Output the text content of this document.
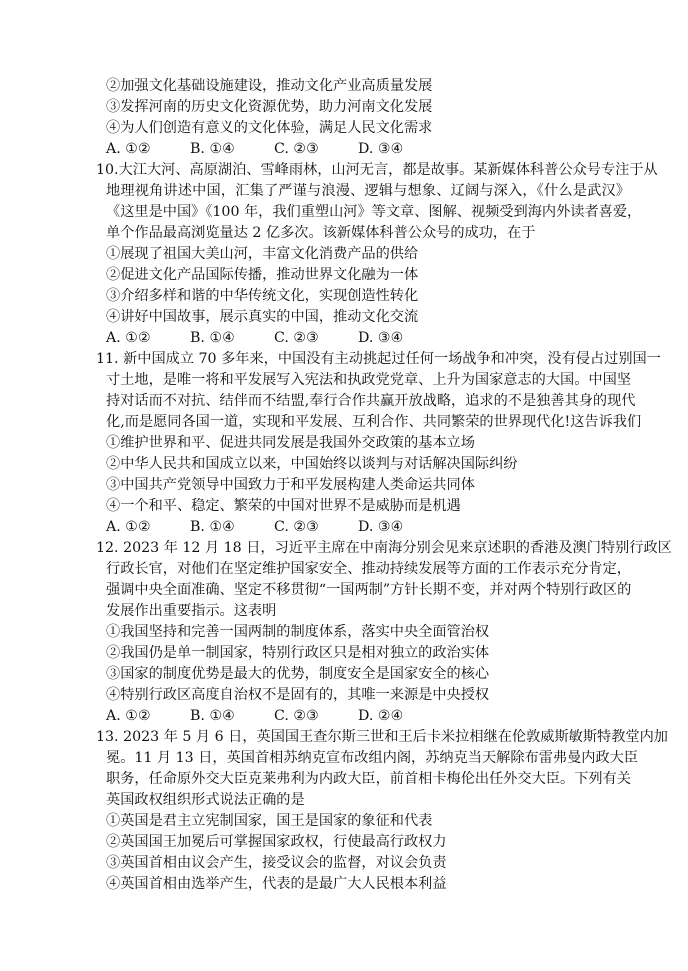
②加强文化基础设施建设，推动文化产业高质量发展
③发挥河南的历史文化资源优势，助力河南文化发展
④为人们创造有意义的文化体验，满足人民文化需求
A. ①②	B. ①④	C. ②③	D. ③④
10.大江大河、高原湖泊、雪峰雨林，山河无言，都是故事。某新媒体科普公众号专注于从
地理视角讲述中国，汇集了严谨与浪漫、逻辑与想象、辽阔与深入，《什么是武汉》
《这里是中国》《100 年，我们重塑山河》等文章、图解、视频受到海内外读者喜爱，
单个作品最高浏览量达 2 亿多次。该新媒体科普公众号的成功，在于
①展现了祖国大美山河，丰富文化消费产品的供给
②促进文化产品国际传播，推动世界文化融为一体
③介绍多样和谐的中华传统文化，实现创造性转化
④讲好中国故事，展示真实的中国，推动文化交流
A. ①②	B. ①④	C. ②③	D. ③④
11. 新中国成立 70 多年来，中国没有主动挑起过任何一场战争和冲突，没有侵占过别国一
寸土地，是唯一将和平发展写入宪法和执政党党章、上升为国家意志的大国。中国坚
持对话而不对抗、结伴而不结盟,奉行合作共赢开放战略，追求的不是独善其身的现代
化,而是愿同各国一道，实现和平发展、互利合作、共同繁荣的世界现代化!这告诉我们
①维护世界和平、促进共同发展是我国外交政策的基本立场
②中华人民共和国成立以来，中国始终以谈判与对话解决国际纠纷
③中国共产党领导中国致力于和平发展构建人类命运共同体
④一个和平、稳定、繁荣的中国对世界不是威胁而是机遇
A. ①②	B. ①④	C. ②③	D. ③④
12. 2023 年 12 月 18 日，习近平主席在中南海分别会见来京述职的香港及澳门特别行政区
行政长官，对他们在坚定维护国家安全、推动持续发展等方面的工作表示充分肯定，
强调中央全面准确、坚定不移贯彻“一国两制”方针长期不变，并对两个特别行政区的
发展作出重要指示。这表明
①我国坚持和完善一国两制的制度体系，落实中央全面管治权
②我国仍是单一制国家，特别行政区只是相对独立的政治实体
③国家的制度优势是最大的优势，制度安全是国家安全的核心
④特别行政区高度自治权不是固有的，其唯一来源是中央授权
A. ①②	B. ①④	C. ②③	D. ②④
13. 2023 年 5 月 6 日，英国国王查尔斯三世和王后卡米拉相继在伦敦威斯敏斯特教堂内加
冕。11 月 13 日，英国首相苏纳克宣布改组内阁，苏纳克当天解除布雷弗曼内政大臣
职务，任命原外交大臣克莱弗利为内政大臣，前首相卡梅伦出任外交大臣。下列有关
英国政权组织形式说法正确的是
①英国是君主立宪制国家，国王是国家的象征和代表
②英国国王加冕后可掌握国家政权，行使最高行政权力
③英国首相由议会产生，接受议会的监督，对议会负责
④英国首相由选举产生，代表的是最广大人民根本利益
